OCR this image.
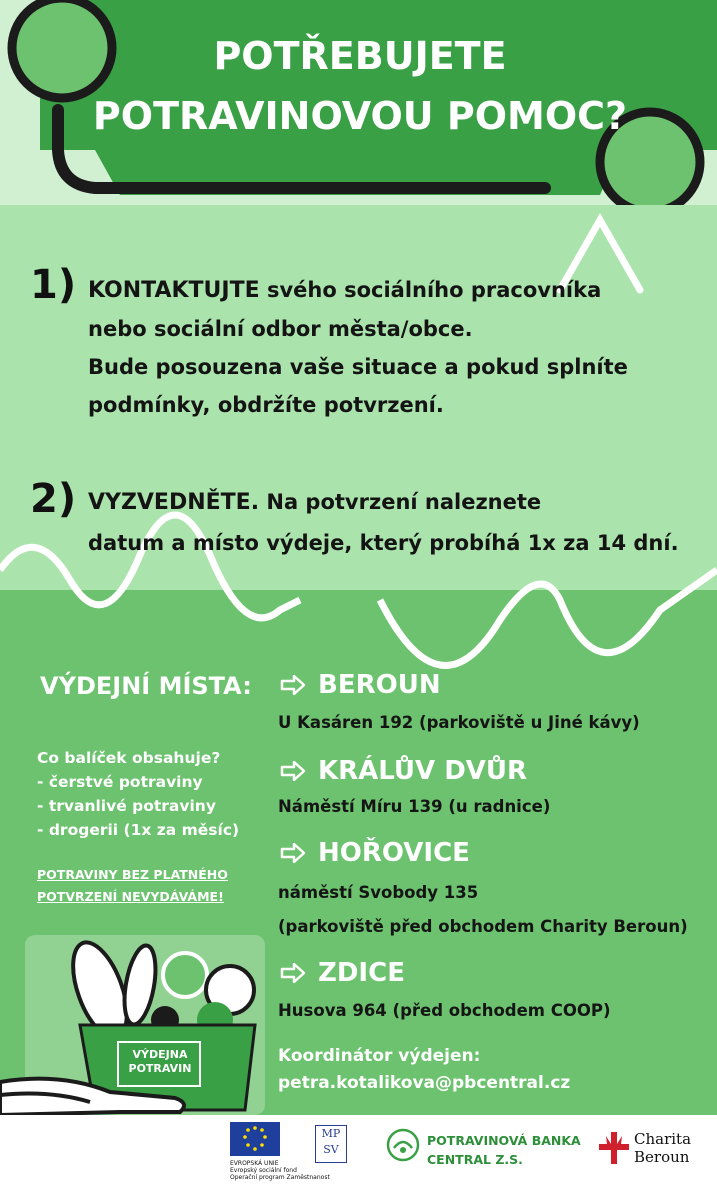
POTŘEBUJETE
POTRAVINOVOU POMOC?
1) KONTAKTUJTE svého sociálního pracovníka
nebo sociální odbor města/obce.
Bude posouzena vaše situace a pokud splníte
podmínky, obdržíte potvrzení.
2) VYZVEDNĚTE. Na potvrzení naleznete
datum a místo výdeje, který probíhá 1x za 14 dní.
VÝDEJNÍ MÍSTA:	BEROUN
U Kasáren 192 (parkoviště u Jiné kávy)
KRÁLŮV DVŮR
Náměstí Míru 139 (u radnice)
HOŘOVICE
náměstí Svobody 135
(parkoviště před obchodem Charity Beroun)
ZDICE
Husova 964 (před obchodem COOP)
Koordinátor výdejen:
petra.kotalikova@pbcentral.cz
Co balíček obsahuje?
- čerstvé potraviny
- trvanlivé potraviny
- drogerii (1x za měsíc)
POTRAVINY BEZ PLATNÉHO
POTVRZENÍ NEVYDÁVÁME!
VÝDEJNA
POTRAVIN
EVROPSKÁ UNIE
Evropský sociální fond
Operační program Zaměstnanost
MP
SV
POTRAVINOVÁ BANKA
CENTRAL Z.S.
Charita
Beroun
